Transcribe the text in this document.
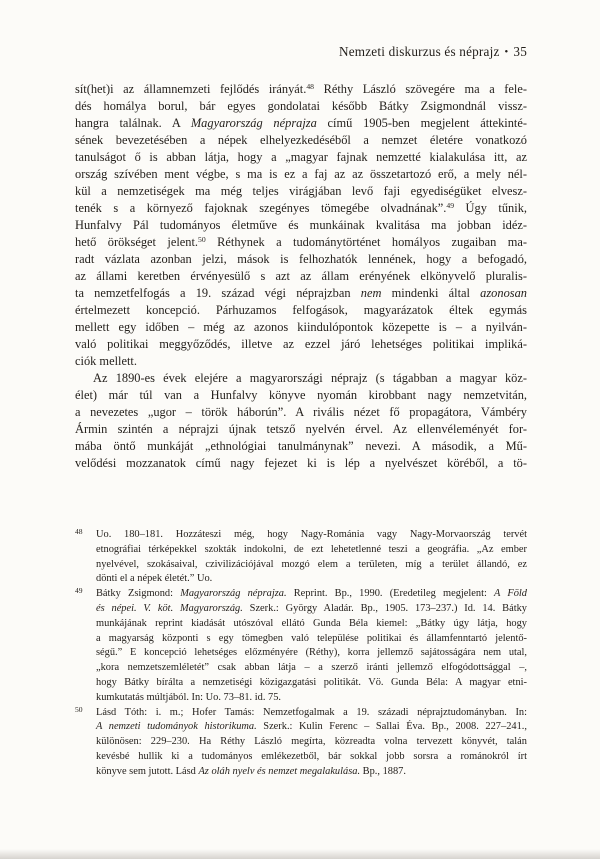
Nemzeti diskurzus és néprajz • 35
sít(het)i az államnemzeti fejlődés irányát.$^{48}$ Réthy László szövegére ma a fele-
dés homálya borul, bár egyes gondolatai később Bátky Zsigmondnál vissz-
hangra találnak. A Magyarország néprajza című 1905-ben megjelent áttekinté-
sének bevezetésében a népek elhelyezkedéséből a nemzet életére vonatkozó
tanulságot ő is abban látja, hogy a „magyar fajnak nemzetté kialakulása itt, az
ország szívében ment végbe, s ma is ez a faj az az összetartozó erő, a mely nél-
kül a nemzetiségek ma még teljes virágjában levő faji egyediségüket elvesz-
tenék s a környező fajoknak szegényes tömegébe olvadnának”.$^{49}$ Úgy tűnik,
Hunfalvy Pál tudományos életműve és munkáinak kvalitása ma jobban idéz-
hető örökséget jelent.$^{50}$ Réthynek a tudománytörténet homályos zugaiban ma-
radt vázlata azonban jelzi, mások is felhozhatók lennének, hogy a befogadó,
az állami keretben érvényesülő s azt az állam erényének elkönyvelő pluralis-
ta nemzetfelfogás a 19. század végi néprajzban nem mindenki által azonosan
értelmezett koncepció. Párhuzamos felfogások, magyarázatok éltek egymás
mellett egy időben – még az azonos kiindulópontok közepette is – a nyilván-
való politikai meggyőződés, illetve az ezzel járó lehetséges politikai impliká-
ciók mellett.
Az 1890-es évek elejére a magyarországi néprajz (s tágabban a magyar köz-
élet) már túl van a Hunfalvy könyve nyomán kirobbant nagy nemzetvitán,
a nevezetes „ugor – török háborún”. A rivális nézet fő propagátora, Vámbéry
Ármin szintén a néprajzi újnak tetsző nyelvén érvel. Az ellenvéleményét for-
mába öntő munkáját „ethnológiai tanulmánynak” nevezi. A második, a Mű-
velődési mozzanatok című nagy fejezet ki is lép a nyelvészet köréből, a tö-
$^{48}$	Uo. 180–181. Hozzáteszi még, hogy Nagy-Románia vagy Nagy-Morvaország tervét
etnográfiai térképekkel szokták indokolni, de ezt lehetetlenné teszi a geográfia. „Az ember
nyelvével, szokásaival, czivilizációjával mozgó elem a területen, míg a terület állandó, ez
dönti el a népek életét.” Uo.
$^{49}$	Bátky Zsigmond: Magyarország néprajza. Reprint. Bp., 1990. (Eredetileg megjelent: A Föld
és népei. V. köt. Magyarország. Szerk.: György Aladár. Bp., 1905. 173–237.) Id. 14. Bátky
munkájának reprint kiadását utószóval ellátó Gunda Béla kiemel: „Bátky úgy látja, hogy
a magyarság központi s egy tömegben való települése politikai és államfenntartó jelentő-
ségű.” E koncepció lehetséges előzményére (Réthy), korra jellemző sajátosságára nem utal,
„kora nemzetszemléletét” csak abban látja – a szerző iránti jellemző elfogódottsággal –,
hogy Bátky bírálta a nemzetiségi közigazgatási politikát. Vö. Gunda Béla: A magyar etni-
kumkutatás múltjából. In: Uo. 73–81. id. 75.
$^{50}$	Lásd Tóth: i. m.; Hofer Tamás: Nemzetfogalmak a 19. századi néprajztudományban. In:
A nemzeti tudományok historikuma. Szerk.: Kulin Ferenc – Sallai Éva. Bp., 2008. 227–241.,
különösen: 229–230. Ha Réthy László megírta, közreadta volna tervezett könyvét, talán
kevésbé hullik ki a tudományos emlékezetből, bár sokkal jobb sorsra a románokról írt
könyve sem jutott. Lásd Az oláh nyelv és nemzet megalakulása. Bp., 1887.
